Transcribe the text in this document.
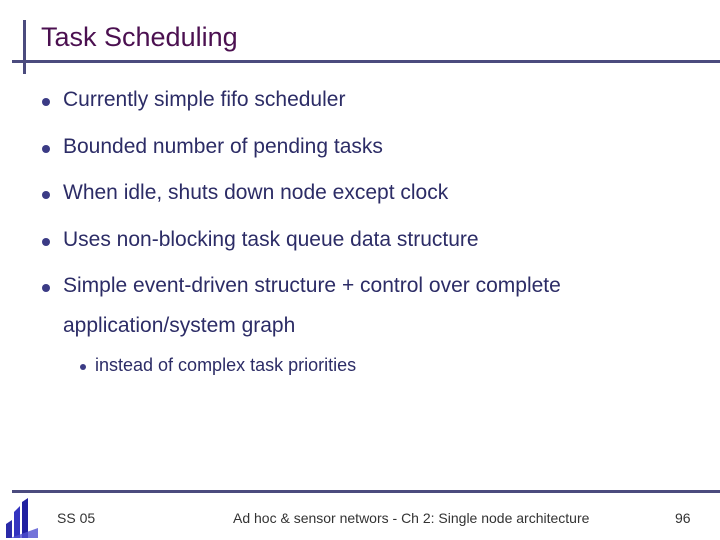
Task Scheduling
Currently simple fifo scheduler
Bounded number of pending tasks
When idle, shuts down node except clock
Uses non-blocking task queue data structure
Simple event-driven structure + control over complete
application/system graph
instead of complex task priorities
SS 05	Ad hoc & sensor networs - Ch 2: Single node architecture	96
